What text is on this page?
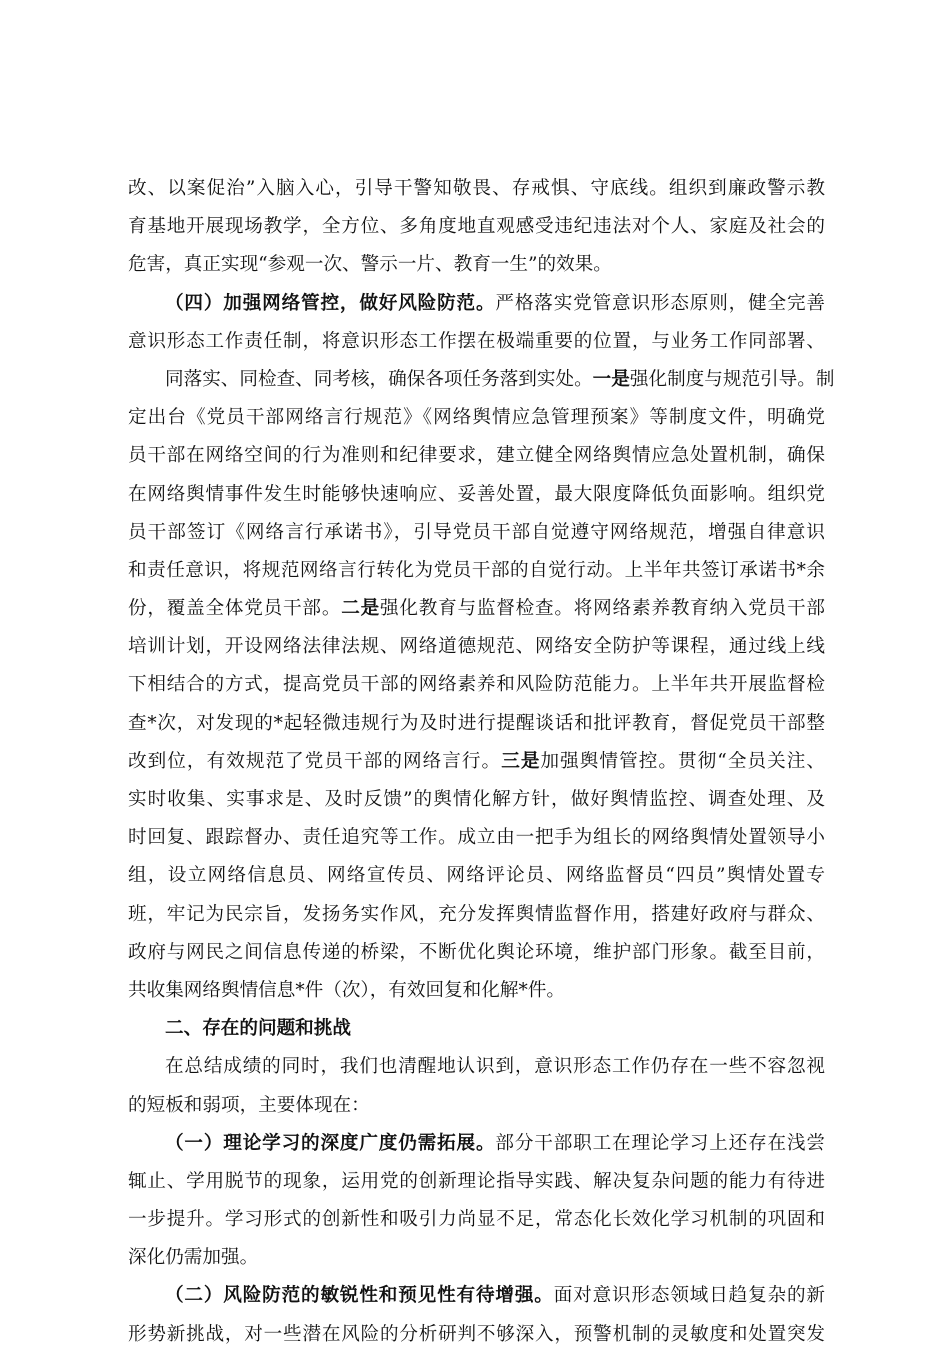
改、以案促治”入脑入心，引导干警知敬畏、存戒惧、守底线。组织到廉政警示教
育基地开展现场教学，全方位、多角度地直观感受违纪违法对个人、家庭及社会的
危害，真正实现“参观一次、警示一片、教育一生”的效果。
（四）加强网络管控，做好风险防范。严格落实党管意识形态原则，健全完善
意识形态工作责任制，将意识形态工作摆在极端重要的位置，与业务工作同部署、
同落实、同检查、同考核，确保各项任务落到实处。一是强化制度与规范引导。制
定出台《党员干部网络言行规范》《网络舆情应急管理预案》等制度文件，明确党
员干部在网络空间的行为准则和纪律要求，建立健全网络舆情应急处置机制，确保
在网络舆情事件发生时能够快速响应、妥善处置，最大限度降低负面影响。组织党
员干部签订《网络言行承诺书》，引导党员干部自觉遵守网络规范，增强自律意识
和责任意识，将规范网络言行转化为党员干部的自觉行动。上半年共签订承诺书*余
份，覆盖全体党员干部。二是强化教育与监督检查。将网络素养教育纳入党员干部
培训计划，开设网络法律法规、网络道德规范、网络安全防护等课程，通过线上线
下相结合的方式，提高党员干部的网络素养和风险防范能力。上半年共开展监督检
查*次，对发现的*起轻微违规行为及时进行提醒谈话和批评教育，督促党员干部整
改到位，有效规范了党员干部的网络言行。三是加强舆情管控。贯彻“全员关注、
实时收集、实事求是、及时反馈”的舆情化解方针，做好舆情监控、调查处理、及
时回复、跟踪督办、责任追究等工作。成立由一把手为组长的网络舆情处置领导小
组，设立网络信息员、网络宣传员、网络评论员、网络监督员“四员”舆情处置专
班，牢记为民宗旨，发扬务实作风，充分发挥舆情监督作用，搭建好政府与群众、
政府与网民之间信息传递的桥梁，不断优化舆论环境，维护部门形象。截至目前，
共收集网络舆情信息*件（次），有效回复和化解*件。
二、存在的问题和挑战
在总结成绩的同时，我们也清醒地认识到，意识形态工作仍存在一些不容忽视
的短板和弱项，主要体现在：
（一）理论学习的深度广度仍需拓展。部分干部职工在理论学习上还存在浅尝
辄止、学用脱节的现象，运用党的创新理论指导实践、解决复杂问题的能力有待进
一步提升。学习形式的创新性和吸引力尚显不足，常态化长效化学习机制的巩固和
深化仍需加强。
（二）风险防范的敏锐性和预见性有待增强。面对意识形态领域日趋复杂的新
形势新挑战，对一些潜在风险的分析研判不够深入，预警机制的灵敏度和处置突发
